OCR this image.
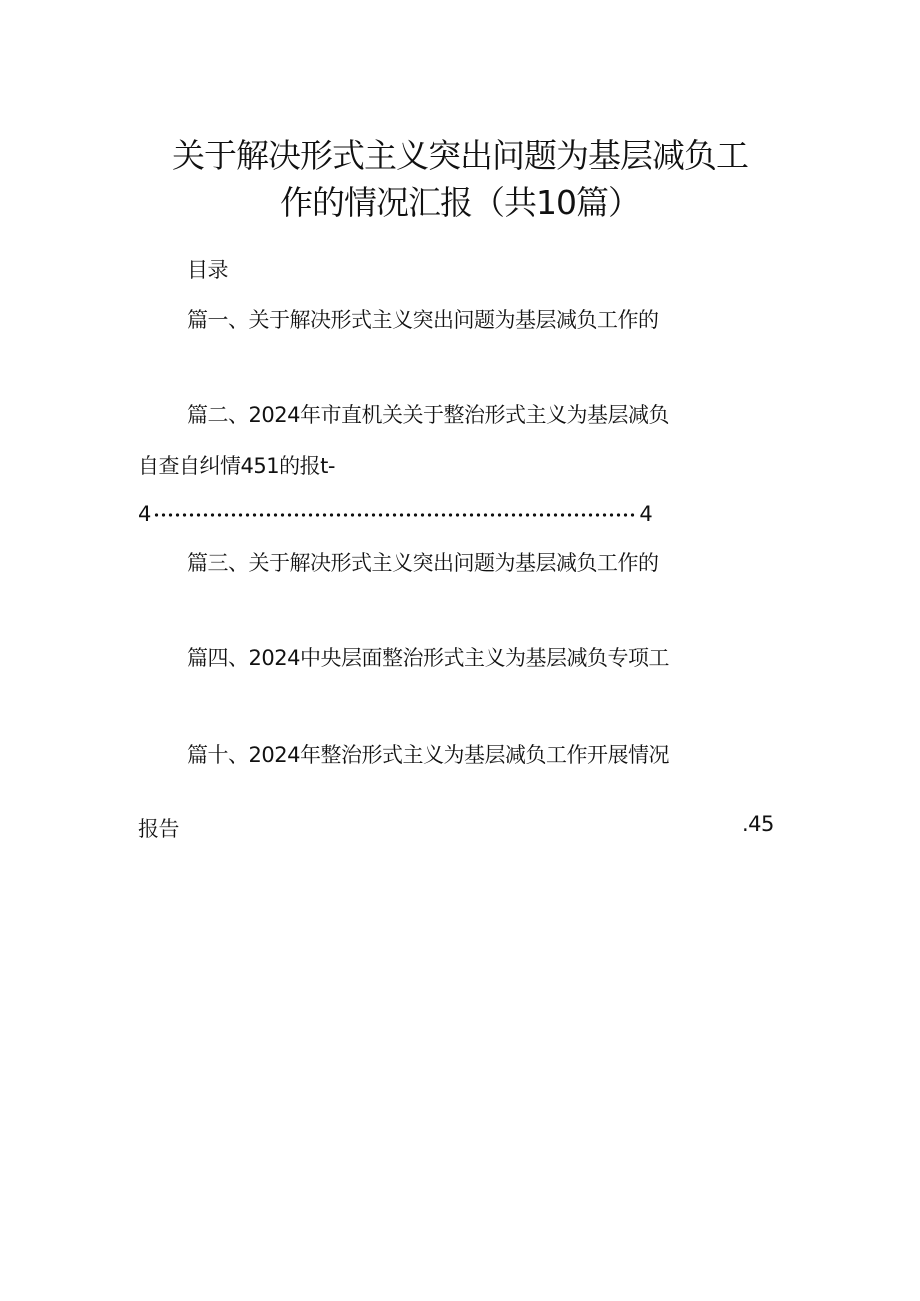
关于解决形式主义突出问题为基层减负工
作的情况汇报（共10篇）
目录
篇一、关于解决形式主义突出问题为基层减负工作的
篇二、2024年市直机关关于整治形式主义为基层减负
自查自纠情451的报t-
4	4
篇三、关于解决形式主义突出问题为基层减负工作的
篇四、2024中央层面整治形式主义为基层减负专项工
篇十、2024年整治形式主义为基层减负工作开展情况
报告	.45
